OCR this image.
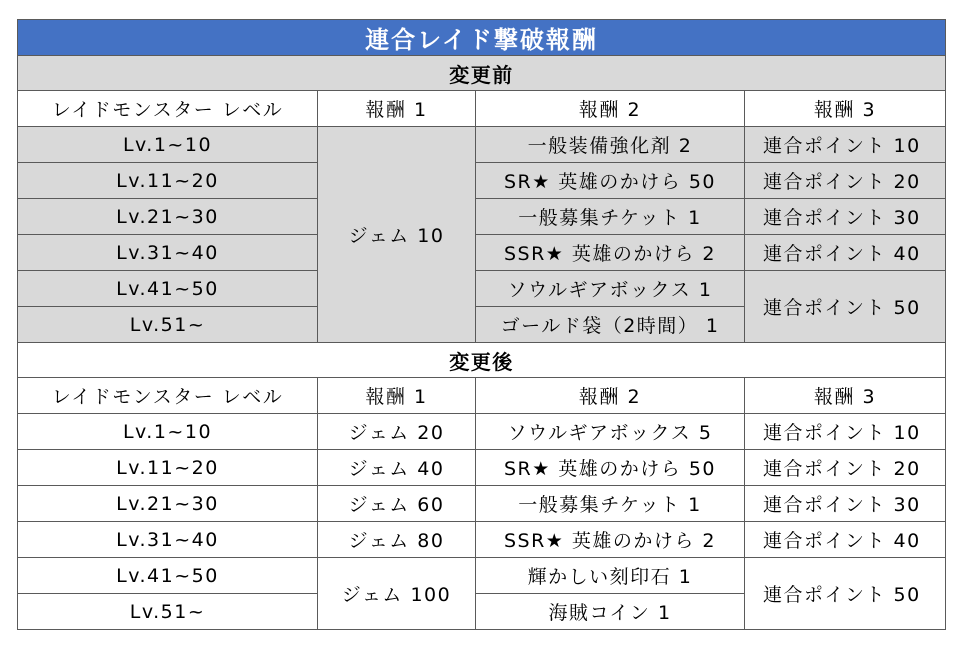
連合レイド撃破報酬			
変更前			
レイドモンスター レベル	報酬 1	報酬 2	報酬 3
Lv.1~10	ジェム 10	一般装備強化剤 2	連合ポイント 10
Lv.11~20		SR★ 英雄のかけら 50	連合ポイント 20
Lv.21~30		一般募集チケット 1	連合ポイント 30
Lv.31~40		SSR★ 英雄のかけら 2	連合ポイント 40
Lv.41~50		ソウルギアボックス 1	連合ポイント 50
Lv.51~		ゴールド袋（2時間） 1	
変更後			
レイドモンスター レベル	報酬 1	報酬 2	報酬 3
Lv.1~10	ジェム 20	ソウルギアボックス 5	連合ポイント 10
Lv.11~20	ジェム 40	SR★ 英雄のかけら 50	連合ポイント 20
Lv.21~30	ジェム 60	一般募集チケット 1	連合ポイント 30
Lv.31~40	ジェム 80	SSR★ 英雄のかけら 2	連合ポイント 40
Lv.41~50	ジェム 100	輝かしい刻印石 1	連合ポイント 50
Lv.51~		海賊コイン 1	
